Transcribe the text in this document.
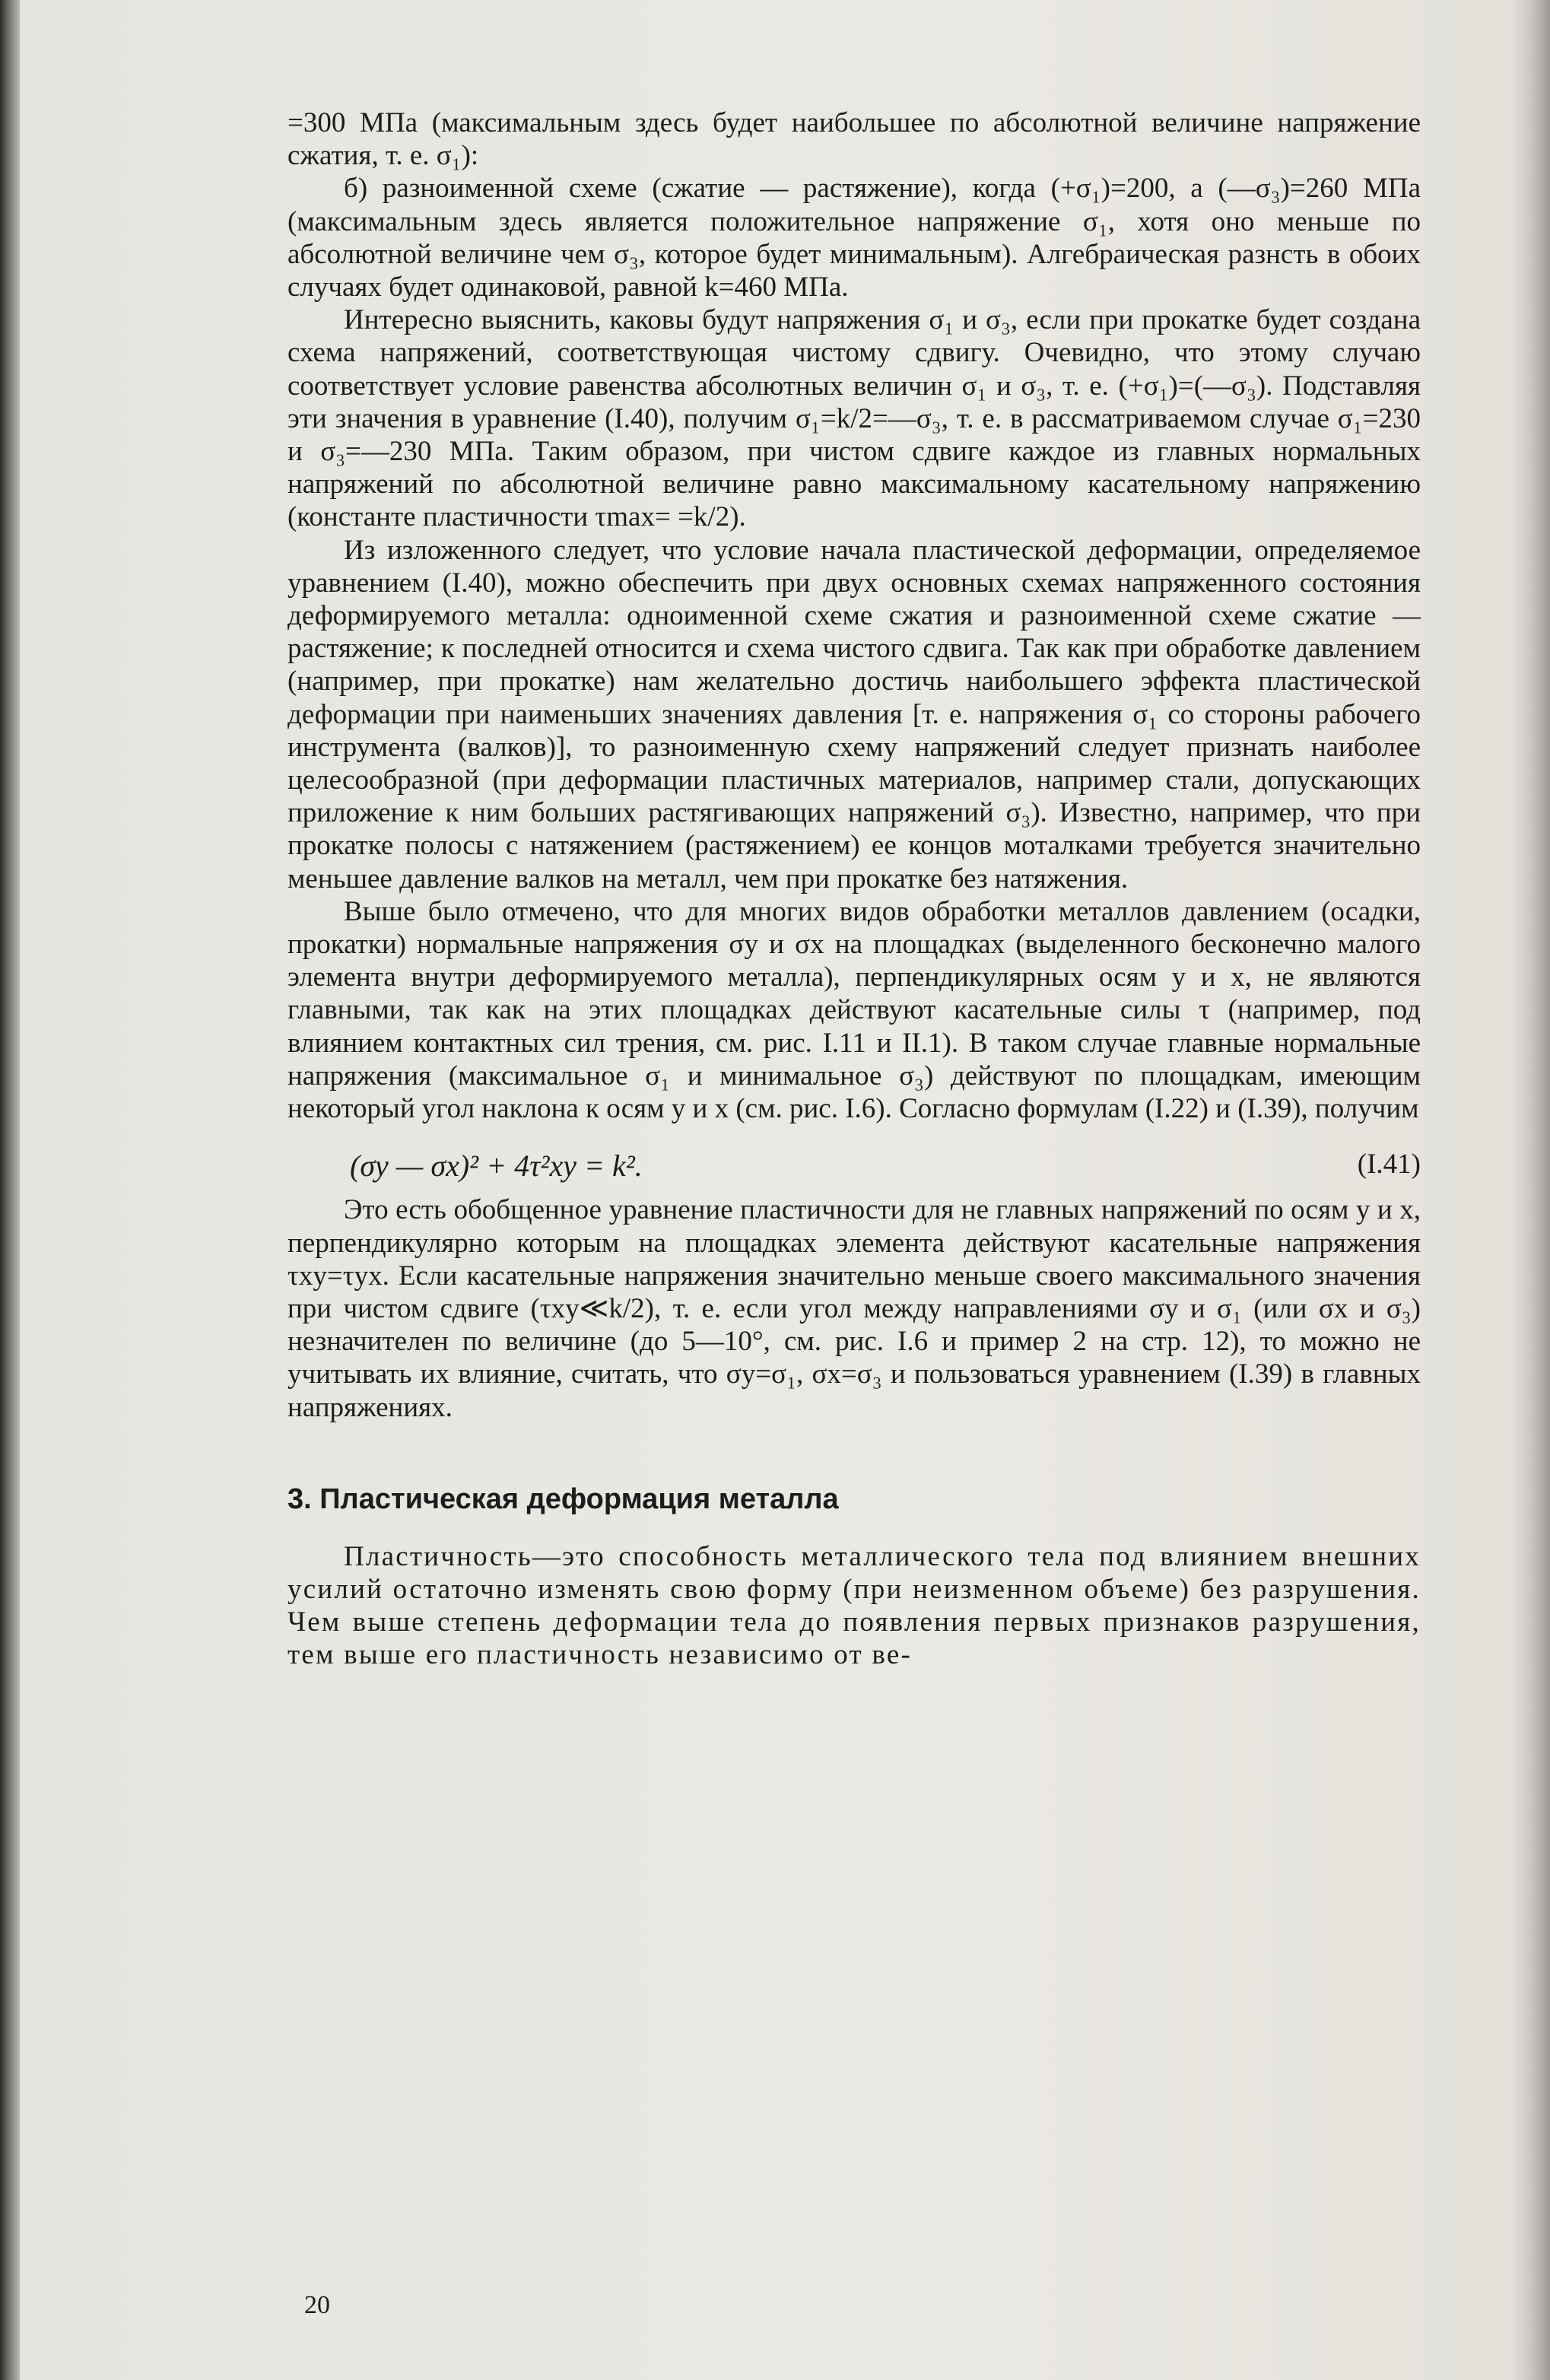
=300 МПа (максимальным здесь будет наибольшее по абсолютной величине напряжение сжатия, т. е. σ₁):

б) разноименной схеме (сжатие — растяжение), когда (+σ₁)=200, а (—σ₃)=260 МПа (максимальным здесь является положительное напряжение σ₁, хотя оно меньше по абсолютной величине чем σ₃, которое будет минимальным). Алгебраическая разнсть в обоих случаях будет одинаковой, равной k=460 МПа.

Интересно выяснить, каковы будут напряжения σ₁ и σ₃, если при прокатке будет создана схема напряжений, соответствующая чистому сдвигу. Очевидно, что этому случаю соответствует условие равенства абсолютных величин σ₁ и σ₃, т. е. (+σ₁)=(—σ₃). Подставляя эти значения в уравнение (I.40), получим σ₁=k/2=—σ₃, т. е. в рассматриваемом случае σ₁=230 и σ₃=—230 МПа. Таким образом, при чистом сдвиге каждое из главных нормальных напряжений по абсолютной величине равно максимальному касательному напряжению (константе пластичности τmax= =k/2).

Из изложенного следует, что условие начала пластической деформации, определяемое уравнением (I.40), можно обеспечить при двух основных схемах напряженного состояния деформируемого металла: одноименной схеме сжатия и разноименной схеме сжатие — растяжение; к последней относится и схема чистого сдвига. Так как при обработке давлением (например, при прокатке) нам желательно достичь наибольшего эффекта пластической деформации при наименьших значениях давления [т. е. напряжения σ₁ со стороны рабочего инструмента (валков)], то разноименную схему напряжений следует признать наиболее целесообразной (при деформации пластичных материалов, например стали, допускающих приложение к ним больших растягивающих напряжений σ₃). Известно, например, что при прокатке полосы с натяжением (растяжением) ее концов моталками требуется значительно меньшее давление валков на металл, чем при прокатке без натяжения.

Выше было отмечено, что для многих видов обработки металлов давлением (осадки, прокатки) нормальные напряжения σy и σx на площадках (выделенного бесконечно малого элемента внутри деформируемого металла), перпендикулярных осям y и x, не являются главными, так как на этих площадках действуют касательные силы τ (например, под влиянием контактных сил трения, см. рис. I.11 и II.1). В таком случае главные нормальные напряжения (максимальное σ₁ и минимальное σ₃) действуют по площадкам, имеющим некоторый угол наклона к осям y и x (см. рис. I.6). Согласно формулам (I.22) и (I.39), получим

(σy — σx)² + 4τ²xy = k².	(I.41)

Это есть обобщенное уравнение пластичности для не главных напряжений по осям y и x, перпендикулярно которым на площадках элемента действуют касательные напряжения τxy=τyx. Если касательные напряжения значительно меньше своего максимального значения при чистом сдвиге (τxy≪k/2), т. е. если угол между направлениями σy и σ₁ (или σx и σ₃) незначителен по величине (до 5—10°, см. рис. I.6 и пример 2 на стр. 12), то можно не учитывать их влияние, считать, что σy=σ₁, σx=σ₃ и пользоваться уравнением (I.39) в главных напряжениях.

3. Пластическая деформация металла

Пластичность—это способность металлического тела под влиянием внешних усилий остаточно изменять свою форму (при неизменном объеме) без разрушения. Чем выше степень деформации тела до появления первых признаков разрушения, тем выше его пластичность независимо от ве-

20
